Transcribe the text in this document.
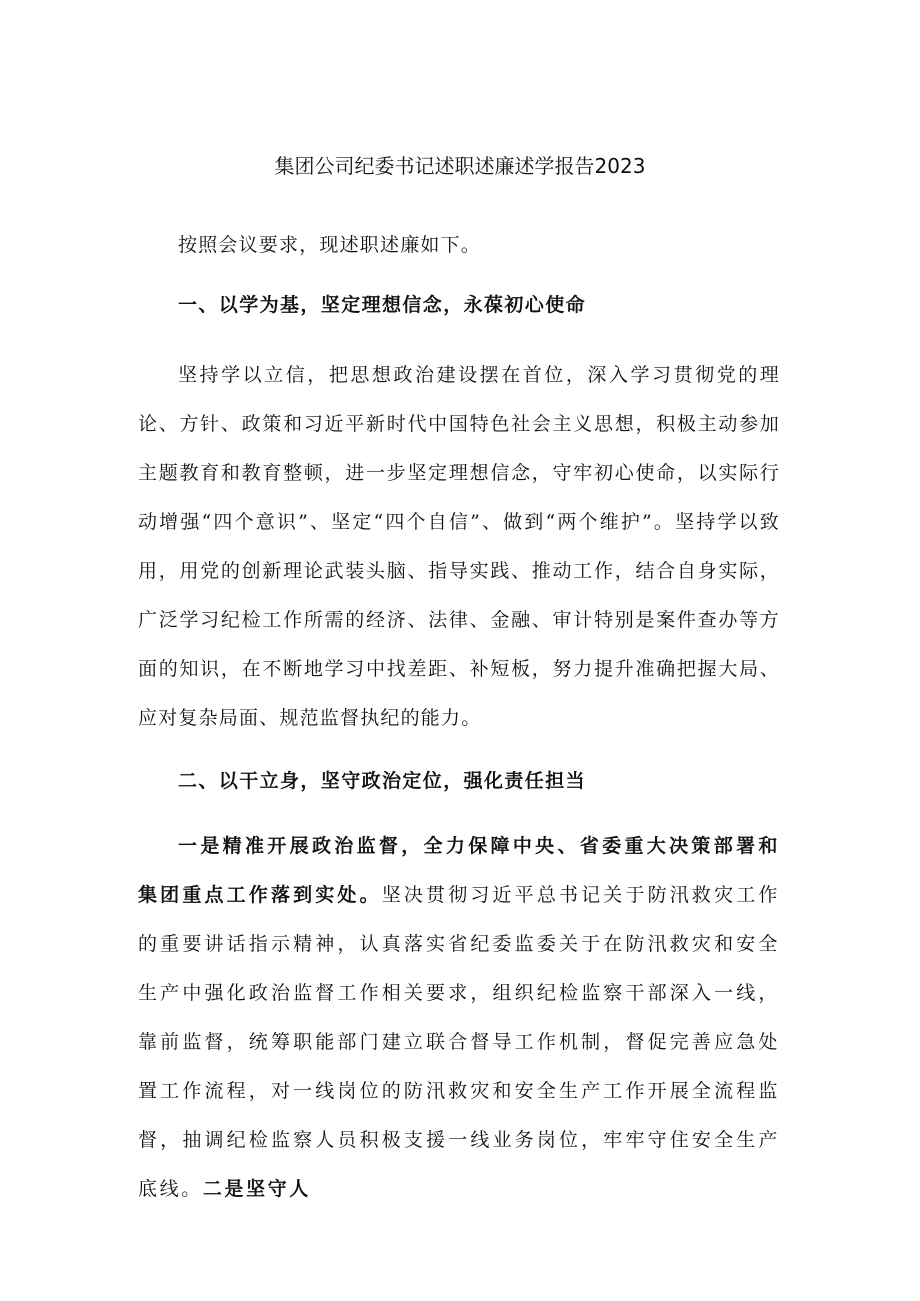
集团公司纪委书记述职述廉述学报告2023

按照会议要求，现述职述廉如下。

一、以学为基，坚定理想信念，永葆初心使命

坚持学以立信，把思想政治建设摆在首位，深入学习贯彻党的理论、方针、政策和习近平新时代中国特色社会主义思想，积极主动参加主题教育和教育整顿，进一步坚定理想信念，守牢初心使命，以实际行动增强“四个意识”、坚定“四个自信”、做到“两个维护”。坚持学以致用，用党的创新理论武装头脑、指导实践、推动工作，结合自身实际，广泛学习纪检工作所需的经济、法律、金融、审计特别是案件查办等方面的知识，在不断地学习中找差距、补短板，努力提升准确把握大局、应对复杂局面、规范监督执纪的能力。

二、以干立身，坚守政治定位，强化责任担当

一是精准开展政治监督，全力保障中央、省委重大决策部署和集团重点工作落到实处。坚决贯彻习近平总书记关于防汛救灾工作的重要讲话指示精神，认真落实省纪委监委关于在防汛救灾和安全生产中强化政治监督工作相关要求，组织纪检监察干部深入一线，靠前监督，统筹职能部门建立联合督导工作机制，督促完善应急处置工作流程，对一线岗位的防汛救灾和安全生产工作开展全流程监督，抽调纪检监察人员积极支援一线业务岗位，牢牢守住安全生产底线。二是坚守人
